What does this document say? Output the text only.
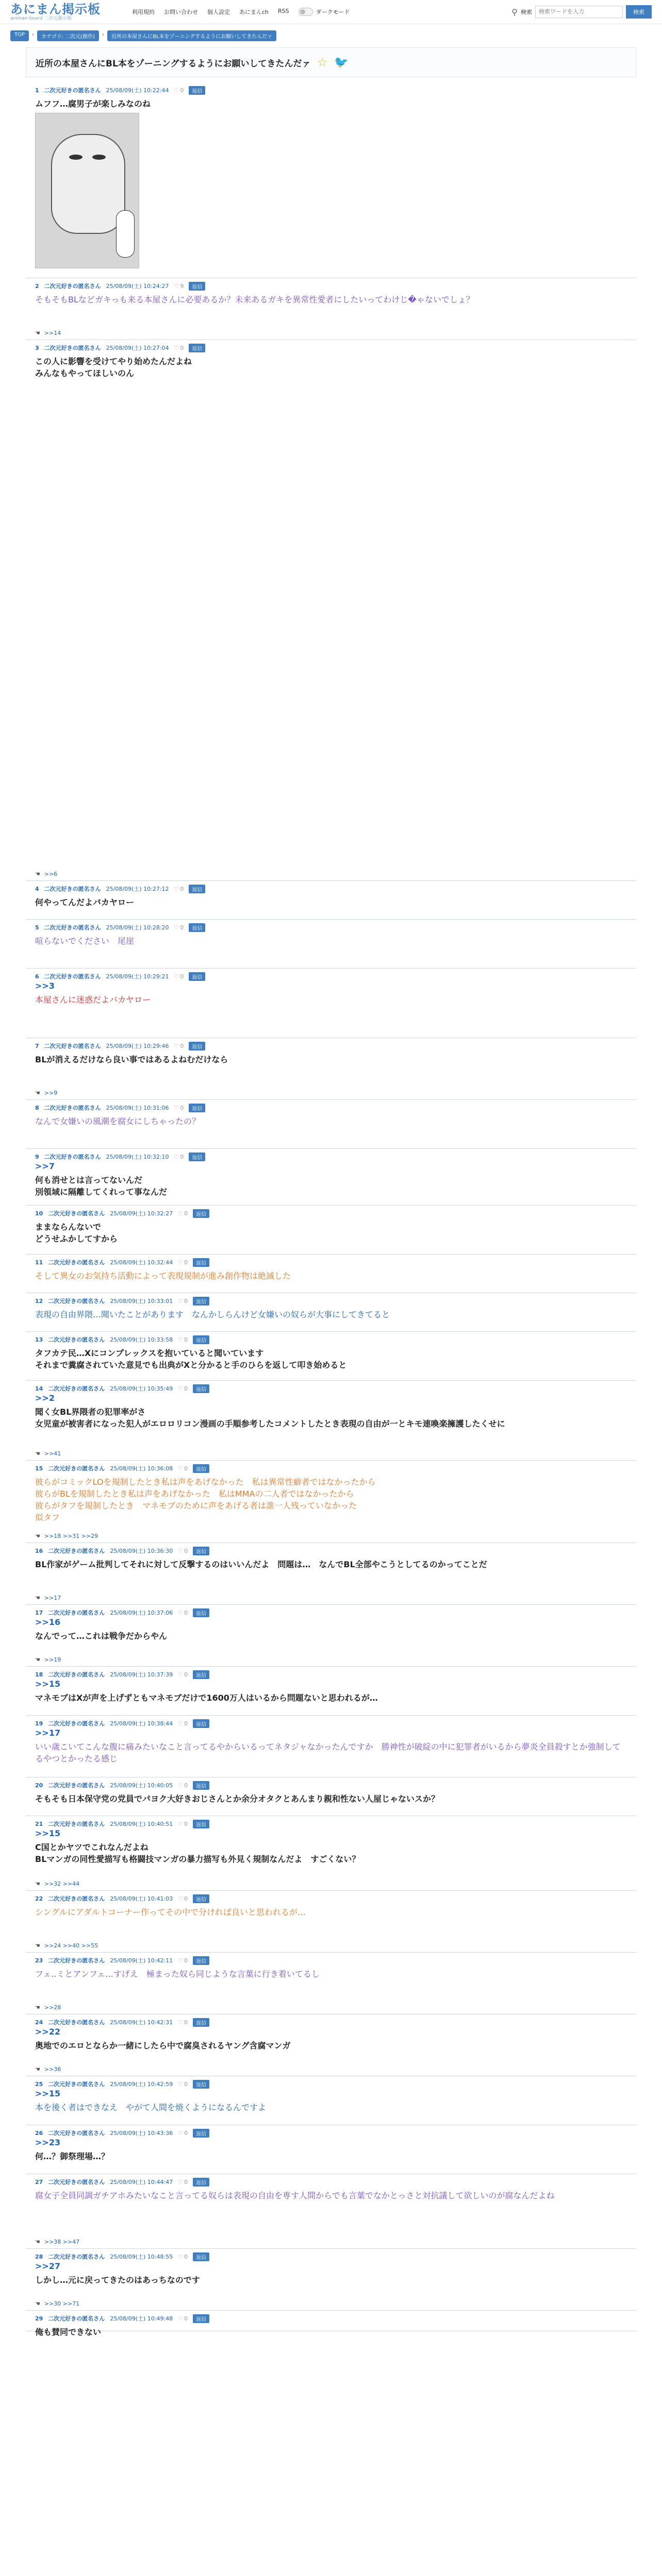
あにまん掲示板
animan board 二次元掲示板
利用規約 お問い合わせ 個人設定 あにまんch RSS	ダークモード	⚲ 検索
検索ワードを入力	検索
TOP	›	カテゴリ: 二次元(創作)	›	近所の本屋さんにBL本をゾーニングするようにお願いしてきたんだァ
近所の本屋さんにBL本をゾーニングするようにお願いしてきたんだァ ☆ 🐦
1 二次元好きの匿名さん 25/08/09(土) 10:22:44 ♡ 0	返信
ムフフ…腐男子が楽しみなのね
2 二次元好きの匿名さん 25/08/09(土) 10:24:27 ♡ 9	返信
そもそもBLなどガキっも来る本屋さんに必要あるか？未来あるガキを異常性愛者にしたいってわけじ�ゃないでしょ？
☚ >>14
3 二次元好きの匿名さん 25/08/09(土) 10:27:04 ♡ 0	返信
この人に影響を受けてやり始めたんだよね
みんなもやってほしいのん
☚ >>6
4 二次元好きの匿名さん 25/08/09(土) 10:27:12 ♡ 0	返信
何やってんだよバカヤロー
5 二次元好きの匿名さん 25/08/09(土) 10:28:20 ♡ 0	返信
喧らないでください　尾崖
6 二次元好きの匿名さん 25/08/09(土) 10:29:21 ♡ 0	返信
>>3
本屋さんに迷惑だよバカヤロー
7 二次元好きの匿名さん 25/08/09(土) 10:29:46 ♡ 0	返信
BLが消えるだけなら良い事ではあるよねむだけなら
☚ >>9
8 二次元好きの匿名さん 25/08/09(土) 10:31:06 ♡ 0	返信
なんで女嫌いの風潮を腐女にしちゃったの？
9 二次元好きの匿名さん 25/08/09(土) 10:32:10 ♡ 0	返信
>>7
何も消せとは言ってないんだ
別領域に隔離してくれって事なんだ
10 二次元好きの匿名さん 25/08/09(土) 10:32:27 ♡ 0	返信
ままならんないで
どうせふかしてすから
11 二次元好きの匿名さん 25/08/09(土) 10:32:44 ♡ 0	返信
そして異女のお気持ち活動によって表現規制が進み創作物は絶滅した
12 二次元好きの匿名さん 25/08/09(土) 10:33:01 ♡ 0	返信
表現の自由界隈…聞いたことがあります　なんかしらんけど女嫌いの奴らが大事にしてきてると
13 二次元好きの匿名さん 25/08/09(土) 10:33:58 ♡ 0	返信
タフカテ民…Xにコンプレックスを抱いていると聞いています
それまで糞腐されていた意見でも出典がXと分かると手のひらを返して叩き始めると
14 二次元好きの匿名さん 25/08/09(土) 10:35:49 ♡ 0	返信
>>2
聞く女BL界隈者の犯罪率がさ
女児童が被害者になった犯人がエロロリコン漫画の手順参考したコメントしたとき表現の自由が一とキモ連喚楽擁護したくせに
☚ >>41
15 二次元好きの匿名さん 25/08/09(土) 10:36:08 ♡ 0	返信
彼らがコミックLOを規制したとき私は声をあげなかった　私は異常性癖者ではなかったから
彼らがBLを規制したとき私は声をあげなかった　私はMMAの二人者ではなかったから
彼らがタフを規制したとき　マネモブのために声をあげる者は誰一人残っていなかった
似タフ
☚ >>18 >>31 >>29
16 二次元好きの匿名さん 25/08/09(土) 10:36:30 ♡ 0	返信
BL作家がゲーム批判してそれに対して反撃するのはいいんだよ　問題は…　なんでBL全部やこうとしてるのかってことだ
☚ >>17
17 二次元好きの匿名さん 25/08/09(土) 10:37:06 ♡ 0	返信
>>16
なんでって…これは戦争だからやん
☚ >>19
18 二次元好きの匿名さん 25/08/09(土) 10:37:39 ♡ 0	返信
>>15
マネモブはXが声を上げずともマネモブだけで1600万人はいるから問題ないと思われるが…
19 二次元好きの匿名さん 25/08/09(土) 10:38:44 ♡ 0	返信
>>17
いい歳こいてこんな腹に痛みたいなこと言ってるやからいるってネタジャなかったんですか　勝神性が破綻の中に犯罪者がいるから夢炎全員殺すとか強制してるやつとかったる感じ
20 二次元好きの匿名さん 25/08/09(土) 10:40:05 ♡ 0	返信
そもそも日本保守党の党員でパヨク大好きおじさんとか余分オタクとあんまり親和性ない人屋じゃないスか？
21 二次元好きの匿名さん 25/08/09(土) 10:40:51 ♡ 0	返信
>>15
C国とかヤツでこれなんだよね
BLマンガの同性愛描写も格闘技マンガの暴力描写も外見く規制なんだよ　すごくない？
☚ >>32 >>44
22 二次元好きの匿名さん 25/08/09(土) 10:41:03 ♡ 0	返信
シングルにアダルトコーナー作ってその中で分ければ良いと思われるが…
☚ >>24 >>40 >>55
23 二次元好きの匿名さん 25/08/09(土) 10:42:11 ♡ 0	返信
フェ..ミとアンフェ…すげえ　極まった奴ら同じような言葉に行き着いてるし
☚ >>28
24 二次元好きの匿名さん 25/08/09(土) 10:42:31 ♡ 0	返信
>>22
奥地でのエロとならか一緒にしたら中で腐臭されるヤング含腐マンガ
☚ >>36
25 二次元好きの匿名さん 25/08/09(土) 10:42:59 ♡ 0	返信
>>15
本を後く者はできなえ　やがて人間を焼くようになるんですよ
26 二次元好きの匿名さん 25/08/09(土) 10:43:36 ♡ 0	返信
>>23
何…？御祭理場…？
27 二次元好きの匿名さん 25/08/09(土) 10:44:47 ♡ 0	返信
腐女子全員同調ガチアホみたいなこと言ってる奴らは表現の自由を専す人間からでも言葉でなかとっさと対抗議して欲しいのが腐なんだよね
☚ >>38 >>47
28 二次元好きの匿名さん 25/08/09(土) 10:48:55 ♡ 0	返信
>>27
しかし…元に戻ってきたのはあっちなのです
☚ >>30 >>71
29 二次元好きの匿名さん 25/08/09(土) 10:49:48 ♡ 0	返信
俺も賛同できない
